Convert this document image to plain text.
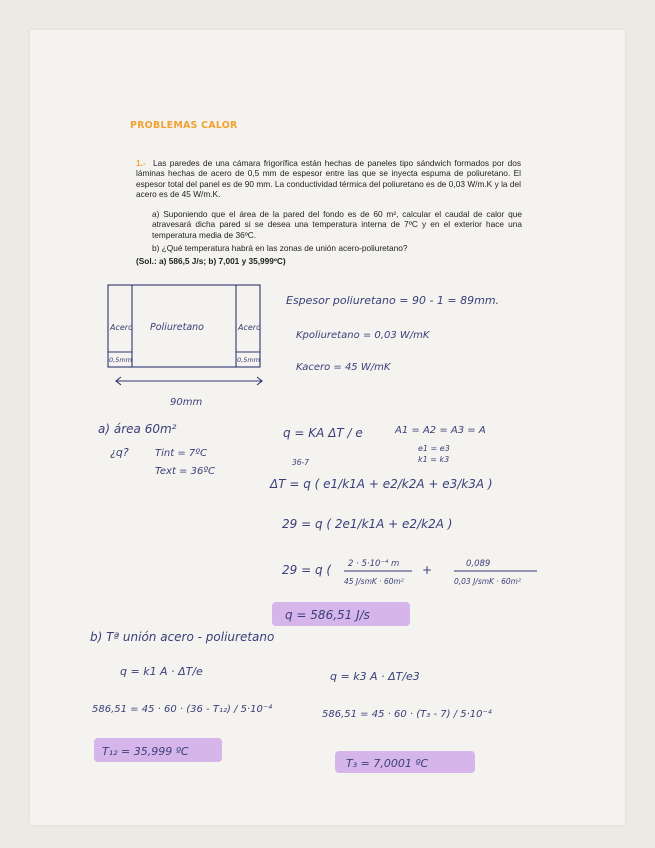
PROBLEMAS CALOR
1.- Las paredes de una cámara frigorífica están hechas de paneles tipo sándwich formados por dos láminas hechas de acero de 0,5 mm de espesor entre las que se inyecta espuma de poliuretano. El espesor total del panel es de 90 mm. La conductividad térmica del poliuretano es de 0,03 W/m.K y la del acero es de 45 W/m.K.
a) Suponiendo que el área de la pared del fondo es de 60 m², calcular el caudal de calor que atravesará dicha pared si se desea una temperatura interna de 7ºC y en el exterior hace una temperatura media de 36ºC.
b) ¿Qué temperatura habrá en las zonas de unión acero-poliuretano?
(Sol.: a) 586,5 J/s; b) 7,001 y 35,999ºC)
Acero Poliuretano	Acero
0,5mm	0,5mm
90mm
Espesor poliuretano = 90 - 1 = 89mm.
Kpoliuretano = 0,03 W/mK
Kacero = 45 W/mK
a) área 60m²
¿q?	Tint = 7ºC
Text = 36ºC
q = KA ΔT / e	A1 = A2 = A3 = A
e1 = e3
k1 = k3
36-7
ΔT = q ( e1/k1A + e2/k2A + e3/k3A )
29 = q ( 2e1/k1A + e2/k2A )
29 = q ( 2 · 5·10⁻⁴ m
45 J/smK · 60m²
+	0,089
0,03 J/smK · 60m²
q = 586,51 J/s
b) Tª unión acero - poliuretano
q = k1 A · ΔT/e
586,51 = 45 · 60 · (36 - T₁₂) / 5·10⁻⁴
q = k3 A · ΔT/e3
586,51 = 45 · 60 · (T₃ - 7) / 5·10⁻⁴
T₁₂ = 35,999 ºC
T₃ = 7,0001 ºC
